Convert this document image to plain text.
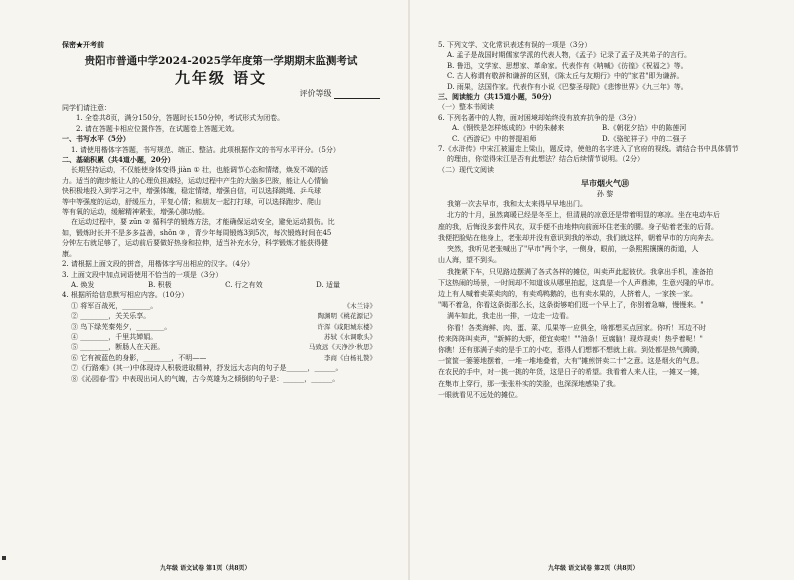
保密★开考前
贵阳市普通中学2024-2025学年度第一学期期末监测考试
九年级 语文
评价等级
同学们请注意：
1. 全卷共8页，满分150分，答题时长150分钟，考试形式为闭卷。
2. 请在答题卡相应位置作答，在试题卷上答题无效。
一、书写水平（5分）
1. 请使用楷体字答题，书写规范、端正、整洁。此项根据作文的书写水平评分。（5分）
二、基础积累（共4道小题，20分）
长期坚持运动，不仅能使身体变得 jiàn ① 壮，也能调节心态和情绪，焕发不竭的活
力。适当的跑步能让人的心理负担减轻，运动过程中产生的大脑多巴胺，能让人心情愉
快积极地投入到学习之中，增强体魄，稳定情绪，增强自信，可以选择跳绳、乒乓球
等中等强度的运动，舒缓压力，平复心情；和朋友一起打打球，可以选择跑步、爬山
等有氧的运动，缓解精神紧张，增强心肺功能。
在运动过程中，要 zūn ② 循科学的锻炼方法，才能确保运动安全，避免运动损伤。比
如，锻炼时长并不是多多益善，shǒn ③ ，青少年每周锻炼3到5次，每次锻炼时间在45
分钟左右就足够了，运动前后要做好热身和拉伸，适当补充水分，科学锻炼才能获得健
康。
2. 请根据上面文段的拼音，用楷体字写出相应的汉字。（4分）
3. 上面文段中加点词语使用不恰当的一项是（3分）
A. 焕发	B. 积极	C. 行之有效	D. 适量
4. 根据所给信息默写相应内容。（10分）
① 将军百战死，________。	《木兰诗》
② ________，关关乐享。	陶渊明《桃花源记》
③ 鸟下绿芜秦苑夕，________。	许浑《咸阳城东楼》
④ ________，千里共婵娟。	苏轼《水调歌头》
⑤ ________，断肠人在天涯。	马致远《天净沙·秋思》
⑥ 它有被蓝色的身影，________，不明——	李商《白杨礼赞》
⑦《行路难》(其一)中体现诗人积极进取精神，抒发远大志向的句子是______，______。
⑧《沁园春·雪》中表现出词人的气魄，古今英雄为之倾倒的句子是：______，______。
5. 下列文学、文化常识表述有误的一项是（3分）
A. 孟子是战国时期儒家学派的代表人物，《孟子》记录了孟子及其弟子的言行。
B. 鲁迅，文学家、思想家、革命家。代表作有《呐喊》《彷徨》《祝福之》等。
C. 古人称谓有敬辞和谦辞的区别，《陈太丘与友期行》中的"家君"即为谦辞。
D. 雨果，法国作家。代表作有小说《巴黎圣母院》《悲惨世界》《九三年》等。
三、阅读能力（共15道小题，50分）
（一）整本书阅读
6. 下列名著中的人物，面对困境却始终没有放弃抗争的是（3分）
A.《钢铁是怎样炼成的》中的朱赫来	B.《朝花夕拾》中的陈莲河
C.《西游记》中的菩提祖师	D.《骆驼祥子》中的二强子
7.《水浒传》中宋江被逼走上梁山，题反诗，使他的名字进入了官府的视线。请结合书中具体情节
的理由，你觉得宋江是否有此想法？结合后续情节说明。（2分）
（二）现代文阅读
早市烟火气⑩
孙 黎
我第一次去早市，我和太太来得早早地出门。
北方的十月，虽然离暖已经是冬至上，但清晨的凉意还是带着明显的寒凉。坐在电动车后
座的我，后悔没多套件风衣，双手便不由地伸向前面坏住老张的腰。身子贴着老张的后背。
我便把脸贴在他身上，老张却并没有意识到我的举动，我们就这样，朝着早市的方向奔去。
突然，我听见老张喊出了"早市"两个字，一侧身，眼前，一条熙熙攘攘的街道，人
山人海，望不到头。
我挽紧下车，只见路边摆满了各式各样的摊位，叫卖声此起彼伏。我拿出手机，准备拍
下这热闹的场景，一时间却不知道该从哪里拍起，这真是一个人声鼎沸，生意兴隆的早市。
边上有人喊着卖菜卖肉的，有卖鸡鸭鹅的，也有卖水果的，人挤着人，一家挨一家。
"喝不着急，你看这条街那么长，这条街够咱们逛一个早上了，你别着急嘛，慢慢来。"
满车如此，我走出一排，一边走一边看。
你看！各类海鲜、肉、蛋、菜、瓜果等一应俱全，啥都想买点回家。你听！耳边不时
传来阵阵叫卖声，"新鲜的大虾，便宜卖啦！""油条！豆腐脑！现炸现卖！热乎着呢！"
你瞧！还有那满子卖的是手工的小吃，惹得人们想都不想就上前。到处都是热气腾腾，
一筐筐一篓篓地摆着，一堆一堆地叠着，大有"摊煎饼卖二十"之意。这是烟火的气息。
在农民的手中，对一挑一挑的年货，这是日子的希望。我看着人来人往，一摊又一摊，
在集市上穿行，那一张张朴实的笑脸，也深深地感染了我。
一眼就看见不远处的摊位。
九年级 语文试卷 第1页（共8页）	九年级 语文试卷 第2页（共8页）
